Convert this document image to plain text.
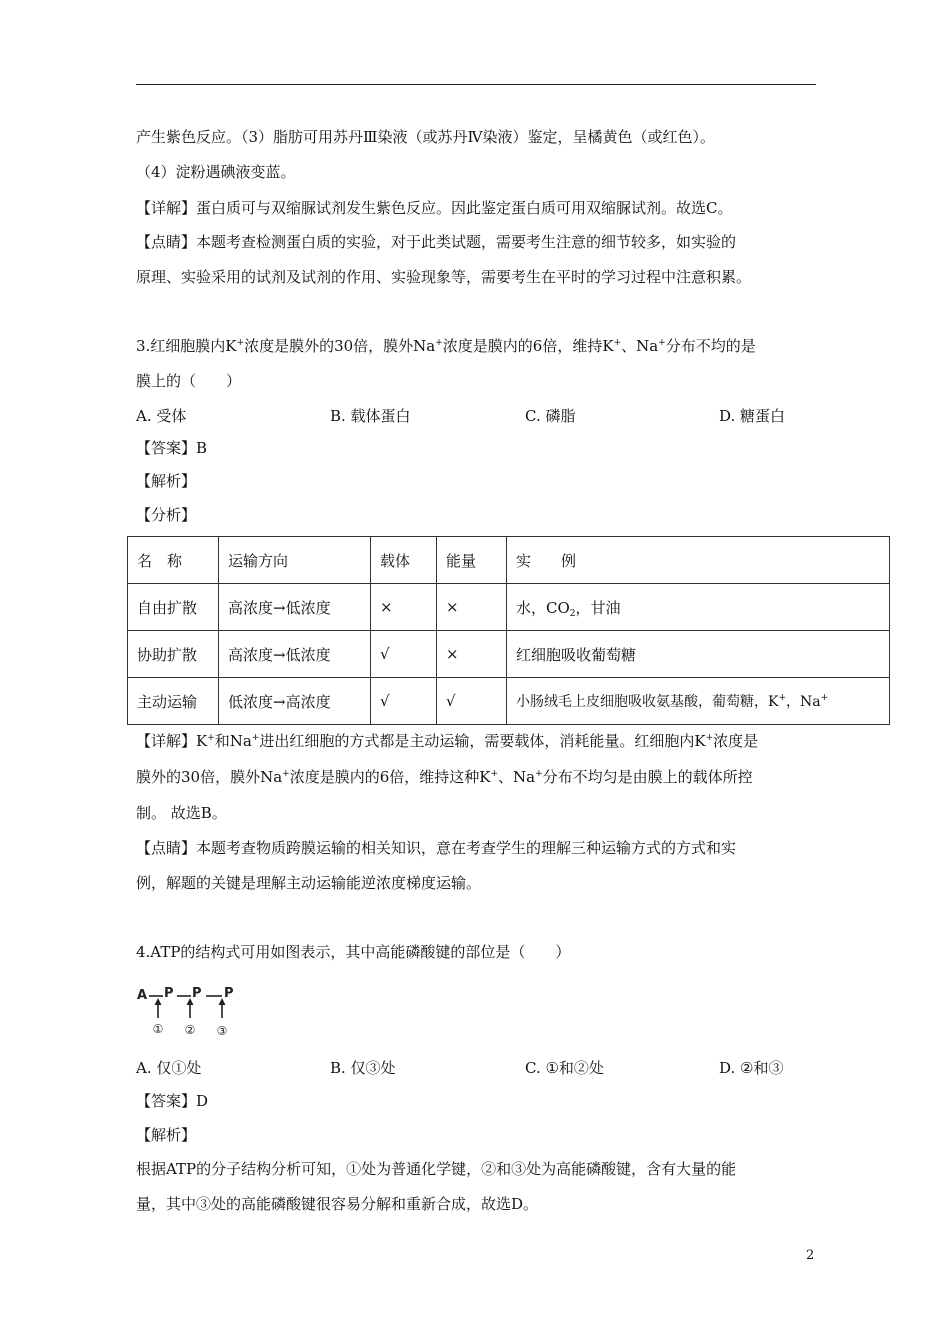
产生紫色反应。（3）脂肪可用苏丹Ⅲ染液（或苏丹Ⅳ染液）鉴定，呈橘黄色（或红色）。
（4）淀粉遇碘液变蓝。
【详解】蛋白质可与双缩脲试剂发生紫色反应。因此鉴定蛋白质可用双缩脲试剂。故选C。
【点睛】本题考查检测蛋白质的实验，对于此类试题，需要考生注意的细节较多，如实验的
原理、实验采用的试剂及试剂的作用、实验现象等，需要考生在平时的学习过程中注意积累。
3.红细胞膜内K+浓度是膜外的30倍，膜外Na+浓度是膜内的6倍，维持K+、Na+分布不均的是
膜上的（　　）
A. 受体	B. 载体蛋白	C. 磷脂	D. 糖蛋白
【答案】B
【解析】
【分析】
名　称	运输方向	载体	能量	实　　例
自由扩散	高浓度→低浓度	×	×	水，$CO_2$，甘油
协助扩散	高浓度→低浓度	√	×	红细胞吸收葡萄糖
主动运输	低浓度→高浓度	√	√	小肠绒毛上皮细胞吸收氨基酸，葡萄糖，K+，Na+
【详解】K+和Na+进出红细胞的方式都是主动运输，需要载体，消耗能量。红细胞内K+浓度是
膜外的30倍，膜外Na+浓度是膜内的6倍，维持这种K+、Na+分布不均匀是由膜上的载体所控
制。 故选B。
【点睛】本题考查物质跨膜运输的相关知识，意在考查学生的理解三种运输方式的方式和实
例，解题的关键是理解主动运输能逆浓度梯度运输。
4.ATP的结构式可用如图表示，其中高能磷酸键的部位是（　　）
A P P P
① ② ③
A. 仅①处	B. 仅③处	C. ①和②处	D. ②和③
【答案】D
【解析】
根据ATP的分子结构分析可知，①处为普通化学键，②和③处为高能磷酸键，含有大量的能
量，其中③处的高能磷酸键很容易分解和重新合成，故选D。
2
